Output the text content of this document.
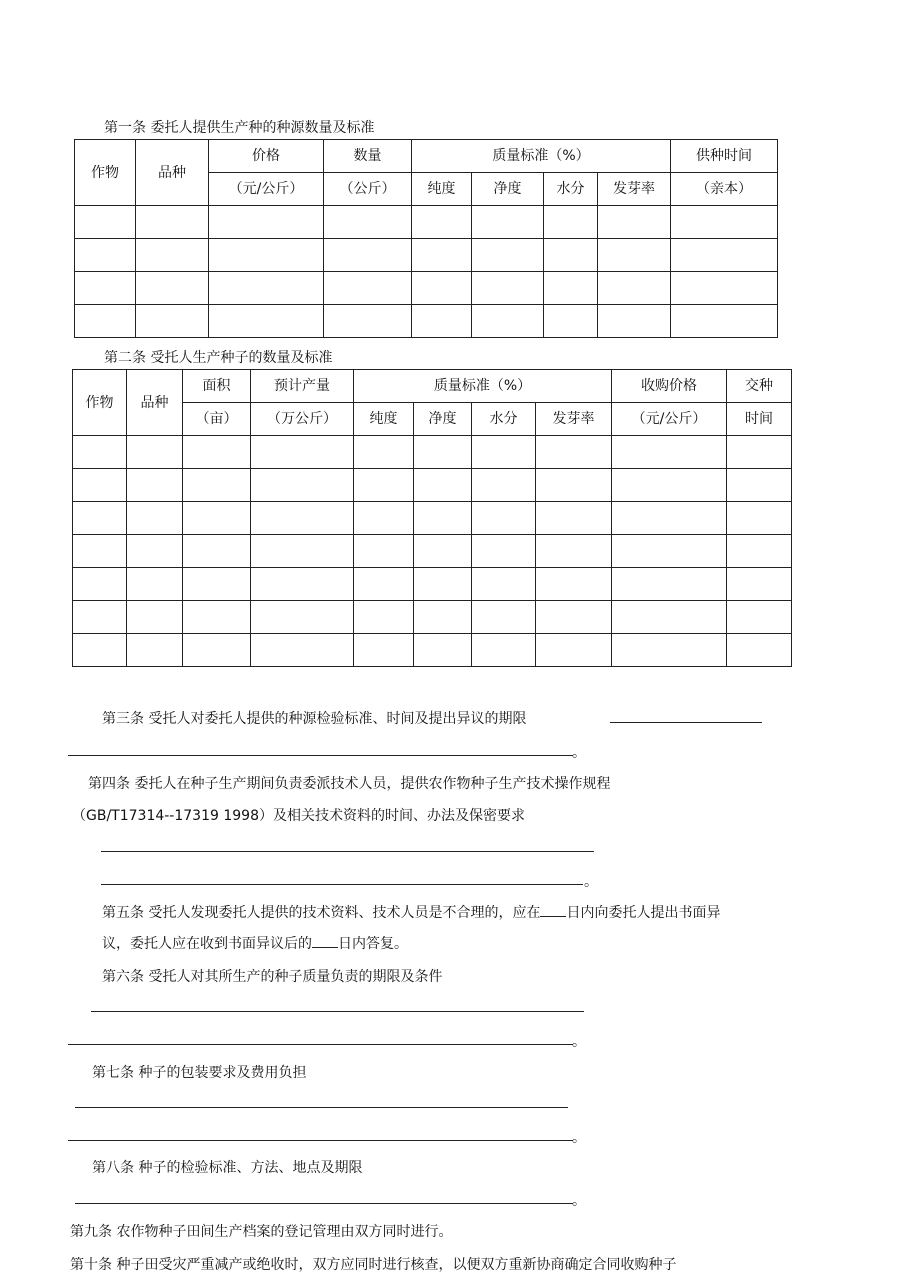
第一条 委托人提供生产种的种源数量及标准
作物	品种	价格	数量	质量标准（%）				供种时间
		（元/公斤）	（公斤）	纯度	净度	水分	发芽率	（亲本）

第二条 受托人生产种子的数量及标准
作物	品种	面积	预计产量	质量标准（%）				收购价格	交种
		（亩）	（万公斤）	纯度	净度	水分	发芽率	（元/公斤）	时间

第三条 受托人对委托人提供的种源检验标准、时间及提出异议的期限
。
第四条 委托人在种子生产期间负责委派技术人员，提供农作物种子生产技术操作规程
（GB/T17314--17319 1998）及相关技术资料的时间、办法及保密要求
。
第五条 受托人发现委托人提供的技术资料、技术人员是不合理的，应在 日内向委托人提出书面异
议，委托人应在收到书面异议后的 日内答复。
第六条 受托人对其所生产的种子质量负责的期限及条件
。
第七条 种子的包装要求及费用负担
。
第八条 种子的检验标准、方法、地点及期限
。
第九条 农作物种子田间生产档案的登记管理由双方同时进行。
第十条 种子田受灾严重减产或绝收时，双方应同时进行核查，以便双方重新协商确定合同收购种子
